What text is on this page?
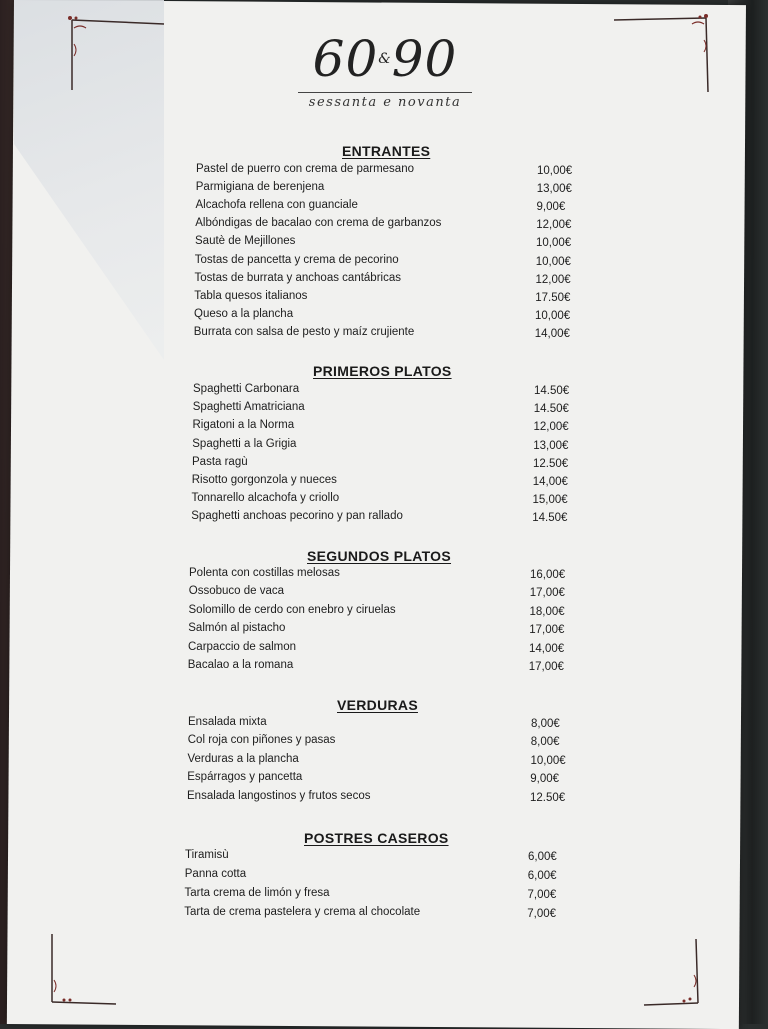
60&90
sessanta e novanta
ENTRANTES
Pastel de puerro con crema de parmesano	10,00€
Parmigiana de berenjena	13,00€
Alcachofa rellena con guanciale	9,00€
Albóndigas de bacalao con crema de garbanzos	12,00€
Sautè de Mejillones	10,00€
Tostas de pancetta y crema de pecorino	10,00€
Tostas de burrata y anchoas cantábricas	12,00€
Tabla quesos italianos	17.50€
Queso a la plancha	10,00€
Burrata con salsa de pesto y maíz crujiente	14,00€
PRIMEROS PLATOS
Spaghetti Carbonara	14.50€
Spaghetti Amatriciana	14.50€
Rigatoni a la Norma	12,00€
Spaghetti a la Grigia	13,00€
Pasta ragù	12.50€
Risotto gorgonzola y nueces	14,00€
Tonnarello alcachofa y criollo	15,00€
Spaghetti anchoas pecorino y pan rallado	14.50€
SEGUNDOS PLATOS
Polenta con costillas melosas	16,00€
Ossobuco de vaca	17,00€
Solomillo de cerdo con enebro y ciruelas	18,00€
Salmón al pistacho	17,00€
Carpaccio de salmon	14,00€
Bacalao a la romana	17,00€
VERDURAS
Ensalada mixta	8,00€
Col roja con piñones y pasas	8,00€
Verduras a la plancha	10,00€
Espárragos y pancetta	9,00€
Ensalada langostinos y frutos secos	12.50€
POSTRES CASEROS
Tiramisù	6,00€
Panna cotta	6,00€
Tarta crema de limón y fresa	7,00€
Tarta de crema pastelera y crema al chocolate	7,00€
